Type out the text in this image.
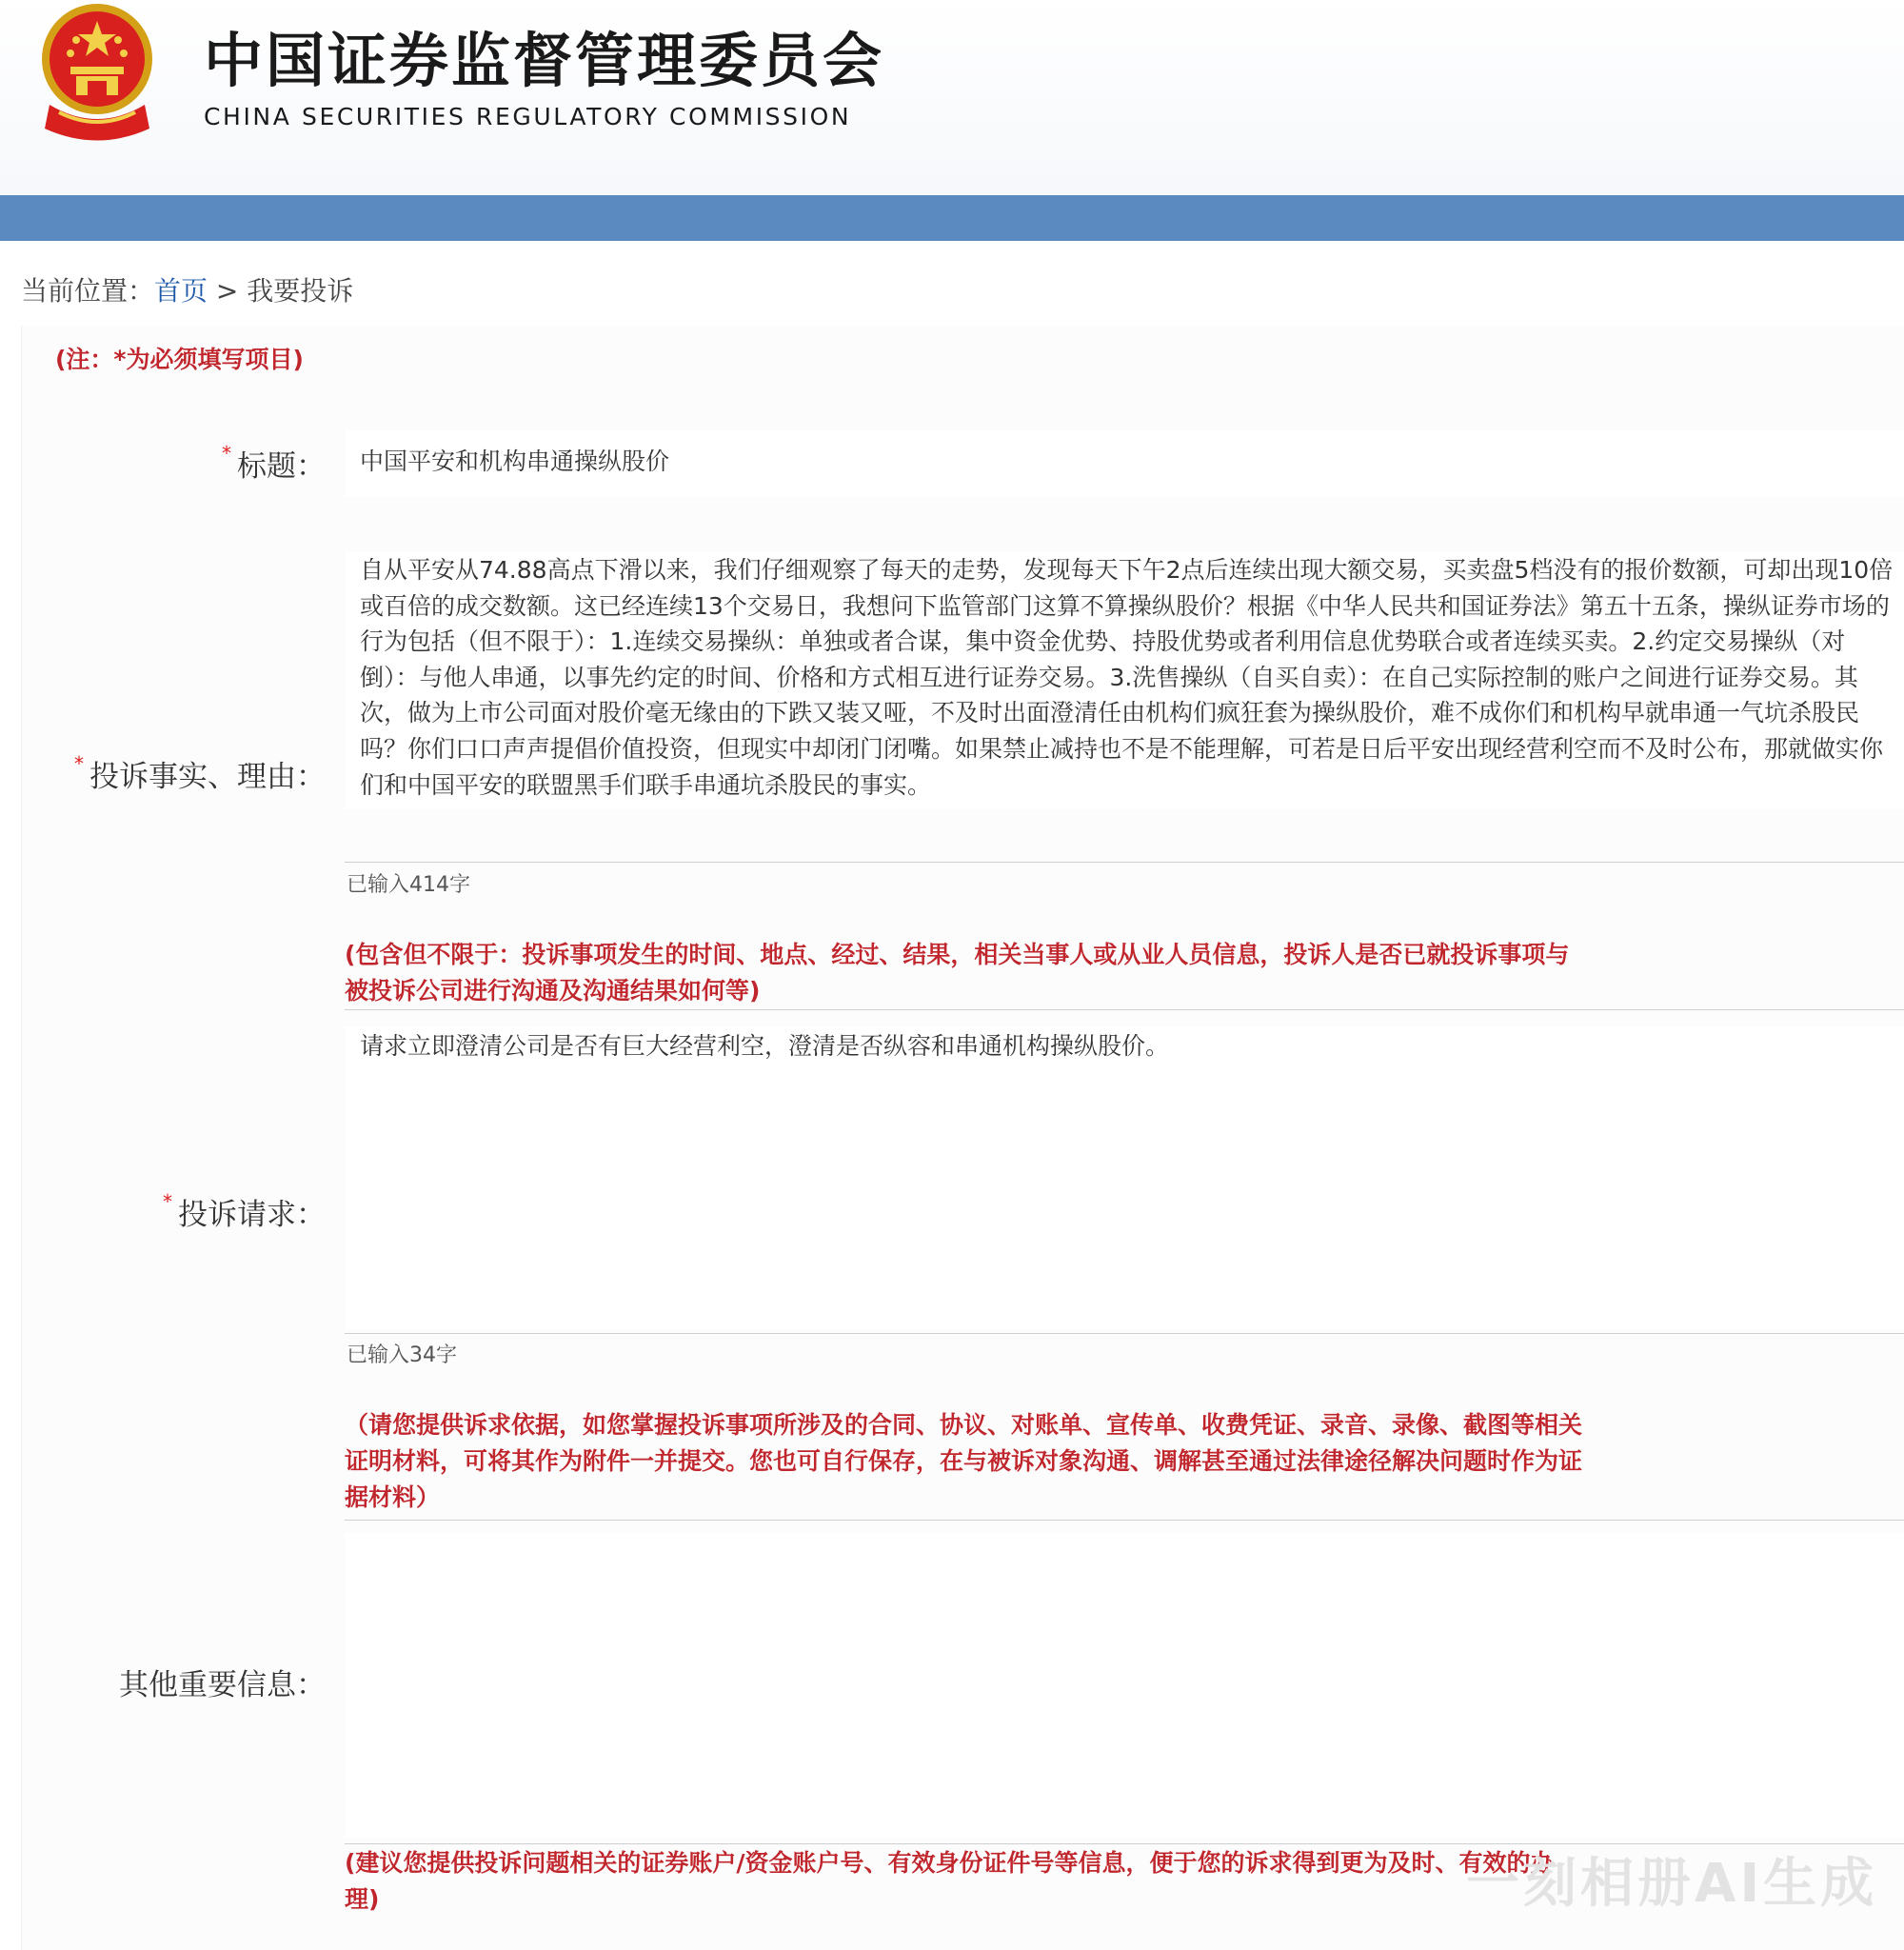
中国证券监督管理委员会
CHINA SECURITIES REGULATORY COMMISSION
当前位置：首页 > 我要投诉
(注：*为必须填写项目)
* 标题：	中国平安和机构串通操纵股价
* 投诉事实、理由：
自从平安从74.88高点下滑以来，我们仔细观察了每天的走势，发现每天下午2点后连续出现大额交易，买卖盘5档没有的报价数额，可却出现10倍或百倍的成交数额。这已经连续13个交易日，我想问下监管部门这算不算操纵股价？根据《中华人民共和国证券法》第五十五条，操纵证券市场的行为包括（但不限于）：1.连续交易操纵：单独或者合谋，集中资金优势、持股优势或者利用信息优势联合或者连续买卖。2.约定交易操纵（对倒）：与他人串通，以事先约定的时间、价格和方式相互进行证券交易。3.洗售操纵（自买自卖）：在自己实际控制的账户之间进行证券交易。其次，做为上市公司面对股价毫无缘由的下跌又装又哑，不及时出面澄清任由机构们疯狂套为操纵股价，难不成你们和机构早就串通一气坑杀股民吗？你们口口声声提倡价值投资，但现实中却闭门闭嘴。如果禁止减持也不是不能理解，可若是日后平安出现经营利空而不及时公布，那就做实你们和中国平安的联盟黑手们联手串通坑杀股民的事实。
已输入414字
(包含但不限于：投诉事项发生的时间、地点、经过、结果，相关当事人或从业人员信息，投诉人是否已就投诉事项与被投诉公司进行沟通及沟通结果如何等)
* 投诉请求：
请求立即澄清公司是否有巨大经营利空，澄清是否纵容和串通机构操纵股价。
已输入34字
（请您提供诉求依据，如您掌握投诉事项所涉及的合同、协议、对账单、宣传单、收费凭证、录音、录像、截图等相关证明材料，可将其作为附件一并提交。您也可自行保存，在与被诉对象沟通、调解甚至通过法律途径解决问题时作为证据材料）
其他重要信息：
(建议您提供投诉问题相关的证券账户/资金账户号、有效身份证件号等信息，便于您的诉求得到更为及时、有效的办理)	一刻相册AI生成
